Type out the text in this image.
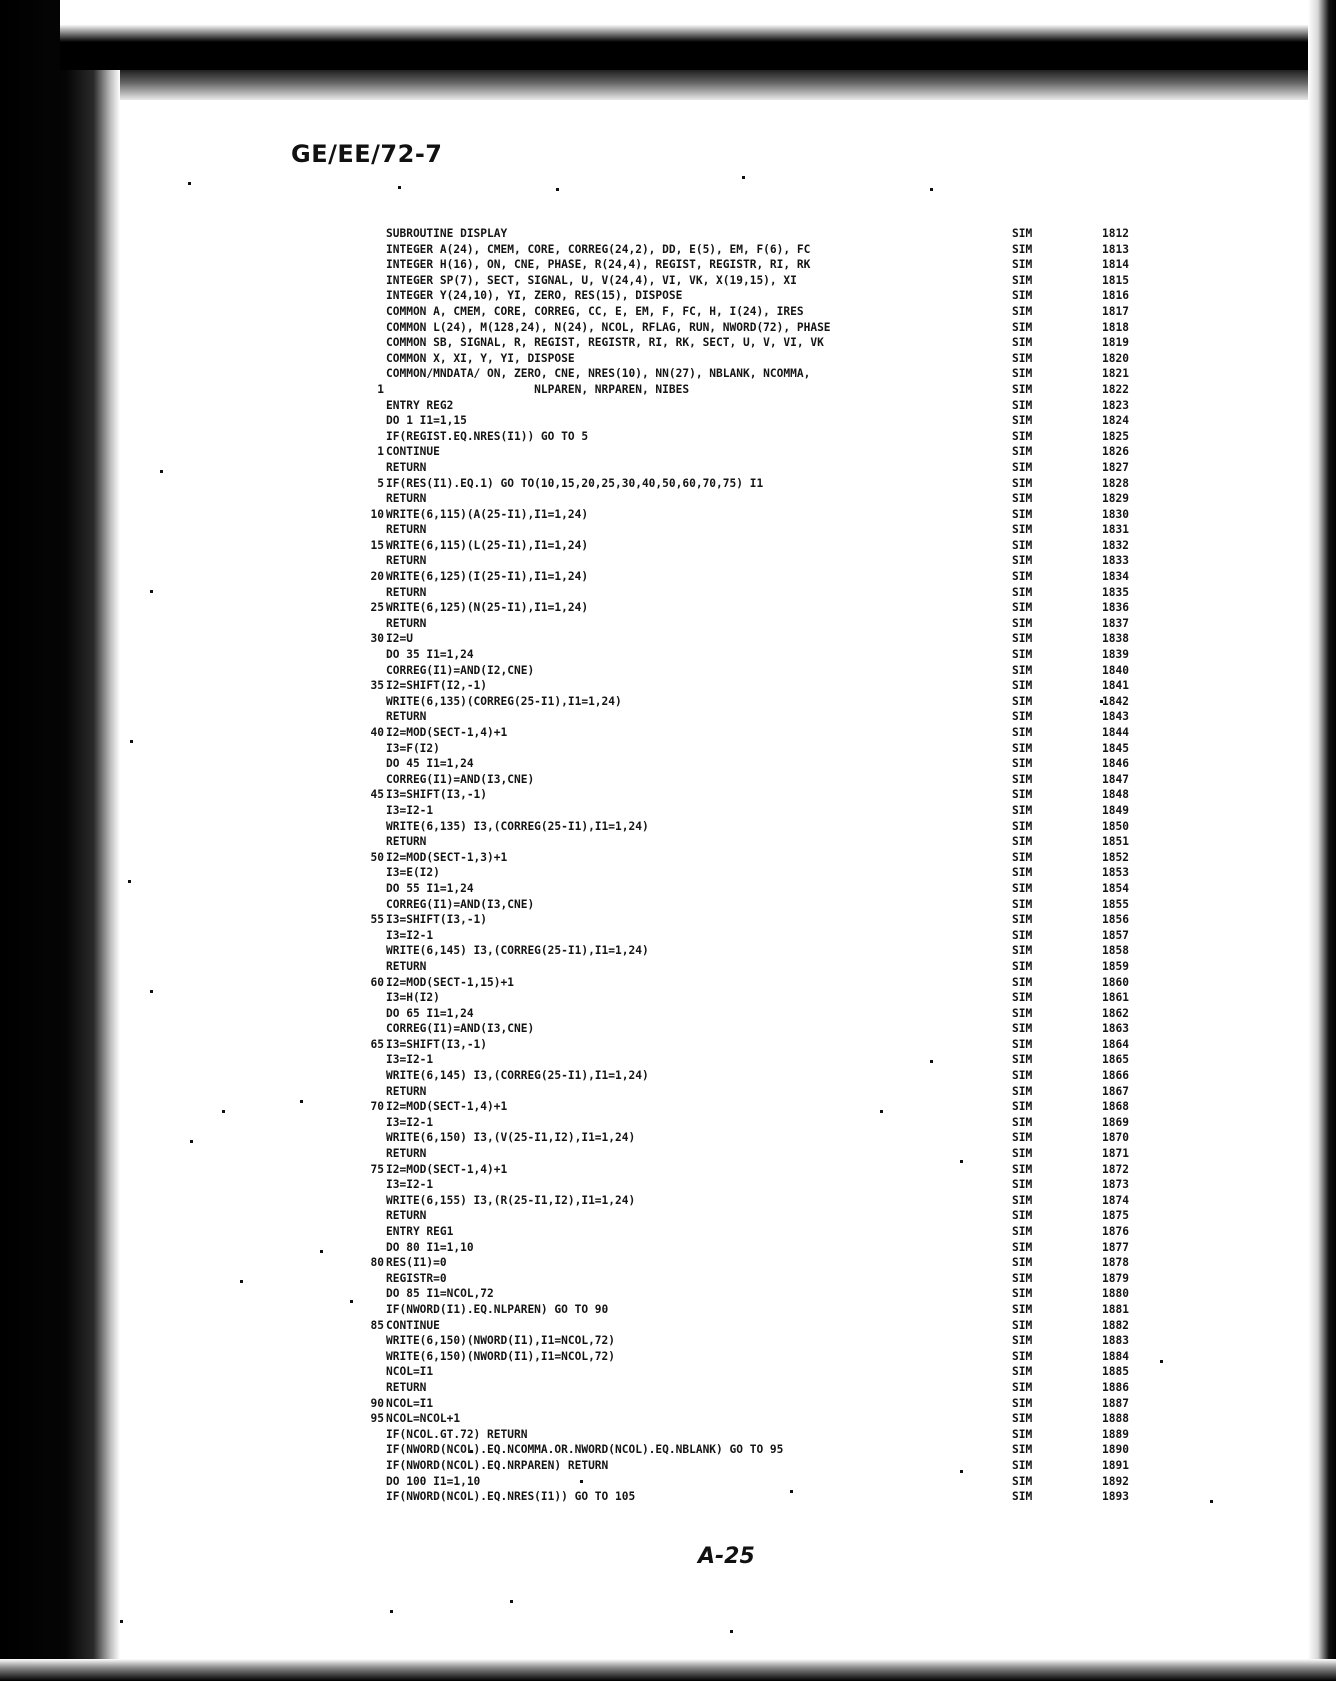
GE/EE/72-7
SUBROUTINE DISPLAY	SIM	1812
INTEGER A(24), CMEM, CORE, CORREG(24,2), DD, E(5), EM, F(6), FC	SIM	1813
INTEGER H(16), ON, CNE, PHASE, R(24,4), REGIST, REGISTR, RI, RK	SIM	1814
INTEGER SP(7), SECT, SIGNAL, U, V(24,4), VI, VK, X(19,15), XI	SIM	1815
INTEGER Y(24,10), YI, ZERO, RES(15), DISPOSE	SIM	1816
COMMON A, CMEM, CORE, CORREG, CC, E, EM, F, FC, H, I(24), IRES	SIM	1817
COMMON L(24), M(128,24), N(24), NCOL, RFLAG, RUN, NWORD(72), PHASE	SIM	1818
COMMON SB, SIGNAL, R, REGIST, REGISTR, RI, RK, SECT, U, V, VI, VK	SIM	1819
COMMON X, XI, Y, YI, DISPOSE	SIM	1820
COMMON/MNDATA/ ON, ZERO, CNE, NRES(10), NN(27), NBLANK, NCOMMA,	SIM	1821
1 NLPAREN, NRPAREN, NIBES	SIM	1822
ENTRY REG2	SIM	1823
DO 1 I1=1,15	SIM	1824
IF(REGIST.EQ.NRES(I1)) GO TO 5	SIM	1825
1 CONTINUE	SIM	1826
RETURN	SIM	1827
5 IF(RES(I1).EQ.1) GO TO(10,15,20,25,30,40,50,60,70,75) I1	SIM	1828
RETURN	SIM	1829
10 WRITE(6,115)(A(25-I1),I1=1,24)	SIM	1830
RETURN	SIM	1831
15 WRITE(6,115)(L(25-I1),I1=1,24)	SIM	1832
RETURN	SIM	1833
20 WRITE(6,125)(I(25-I1),I1=1,24)	SIM	1834
RETURN	SIM	1835
25 WRITE(6,125)(N(25-I1),I1=1,24)	SIM	1836
RETURN	SIM	1837
30 I2=U	SIM	1838
DO 35 I1=1,24	SIM	1839
CORREG(I1)=AND(I2,CNE)	SIM	1840
35 I2=SHIFT(I2,-1)	SIM	1841
WRITE(6,135)(CORREG(25-I1),I1=1,24)	SIM	1842
RETURN	SIM	1843
40 I2=MOD(SECT-1,4)+1	SIM	1844
I3=F(I2)	SIM	1845
DO 45 I1=1,24	SIM	1846
CORREG(I1)=AND(I3,CNE)	SIM	1847
45 I3=SHIFT(I3,-1)	SIM	1848
I3=I2-1	SIM	1849
WRITE(6,135) I3,(CORREG(25-I1),I1=1,24)	SIM	1850
RETURN	SIM	1851
50 I2=MOD(SECT-1,3)+1	SIM	1852
I3=E(I2)	SIM	1853
DO 55 I1=1,24	SIM	1854
CORREG(I1)=AND(I3,CNE)	SIM	1855
55 I3=SHIFT(I3,-1)	SIM	1856
I3=I2-1	SIM	1857
WRITE(6,145) I3,(CORREG(25-I1),I1=1,24)	SIM	1858
RETURN	SIM	1859
60 I2=MOD(SECT-1,15)+1	SIM	1860
I3=H(I2)	SIM	1861
DO 65 I1=1,24	SIM	1862
CORREG(I1)=AND(I3,CNE)	SIM	1863
65 I3=SHIFT(I3,-1)	SIM	1864
I3=I2-1	SIM	1865
WRITE(6,145) I3,(CORREG(25-I1),I1=1,24)	SIM	1866
RETURN	SIM	1867
70 I2=MOD(SECT-1,4)+1	SIM	1868
I3=I2-1	SIM	1869
WRITE(6,150) I3,(V(25-I1,I2),I1=1,24)	SIM	1870
RETURN	SIM	1871
75 I2=MOD(SECT-1,4)+1	SIM	1872
I3=I2-1	SIM	1873
WRITE(6,155) I3,(R(25-I1,I2),I1=1,24)	SIM	1874
RETURN	SIM	1875
ENTRY REG1	SIM	1876
DO 80 I1=1,10	SIM	1877
80 RES(I1)=0	SIM	1878
REGISTR=0	SIM	1879
DO 85 I1=NCOL,72	SIM	1880
IF(NWORD(I1).EQ.NLPAREN) GO TO 90	SIM	1881
85 CONTINUE	SIM	1882
WRITE(6,150)(NWORD(I1),I1=NCOL,72)	SIM	1883
WRITE(6,150)(NWORD(I1),I1=NCOL,72)	SIM	1884
NCOL=I1	SIM	1885
RETURN	SIM	1886
90 NCOL=I1	SIM	1887
95 NCOL=NCOL+1	SIM	1888
IF(NCOL.GT.72) RETURN	SIM	1889
IF(NWORD(NCOL).EQ.NCOMMA.OR.NWORD(NCOL).EQ.NBLANK) GO TO 95	SIM	1890
IF(NWORD(NCOL).EQ.NRPAREN) RETURN	SIM	1891
DO 100 I1=1,10	SIM	1892
IF(NWORD(NCOL).EQ.NRES(I1)) GO TO 105	SIM	1893
A-25
